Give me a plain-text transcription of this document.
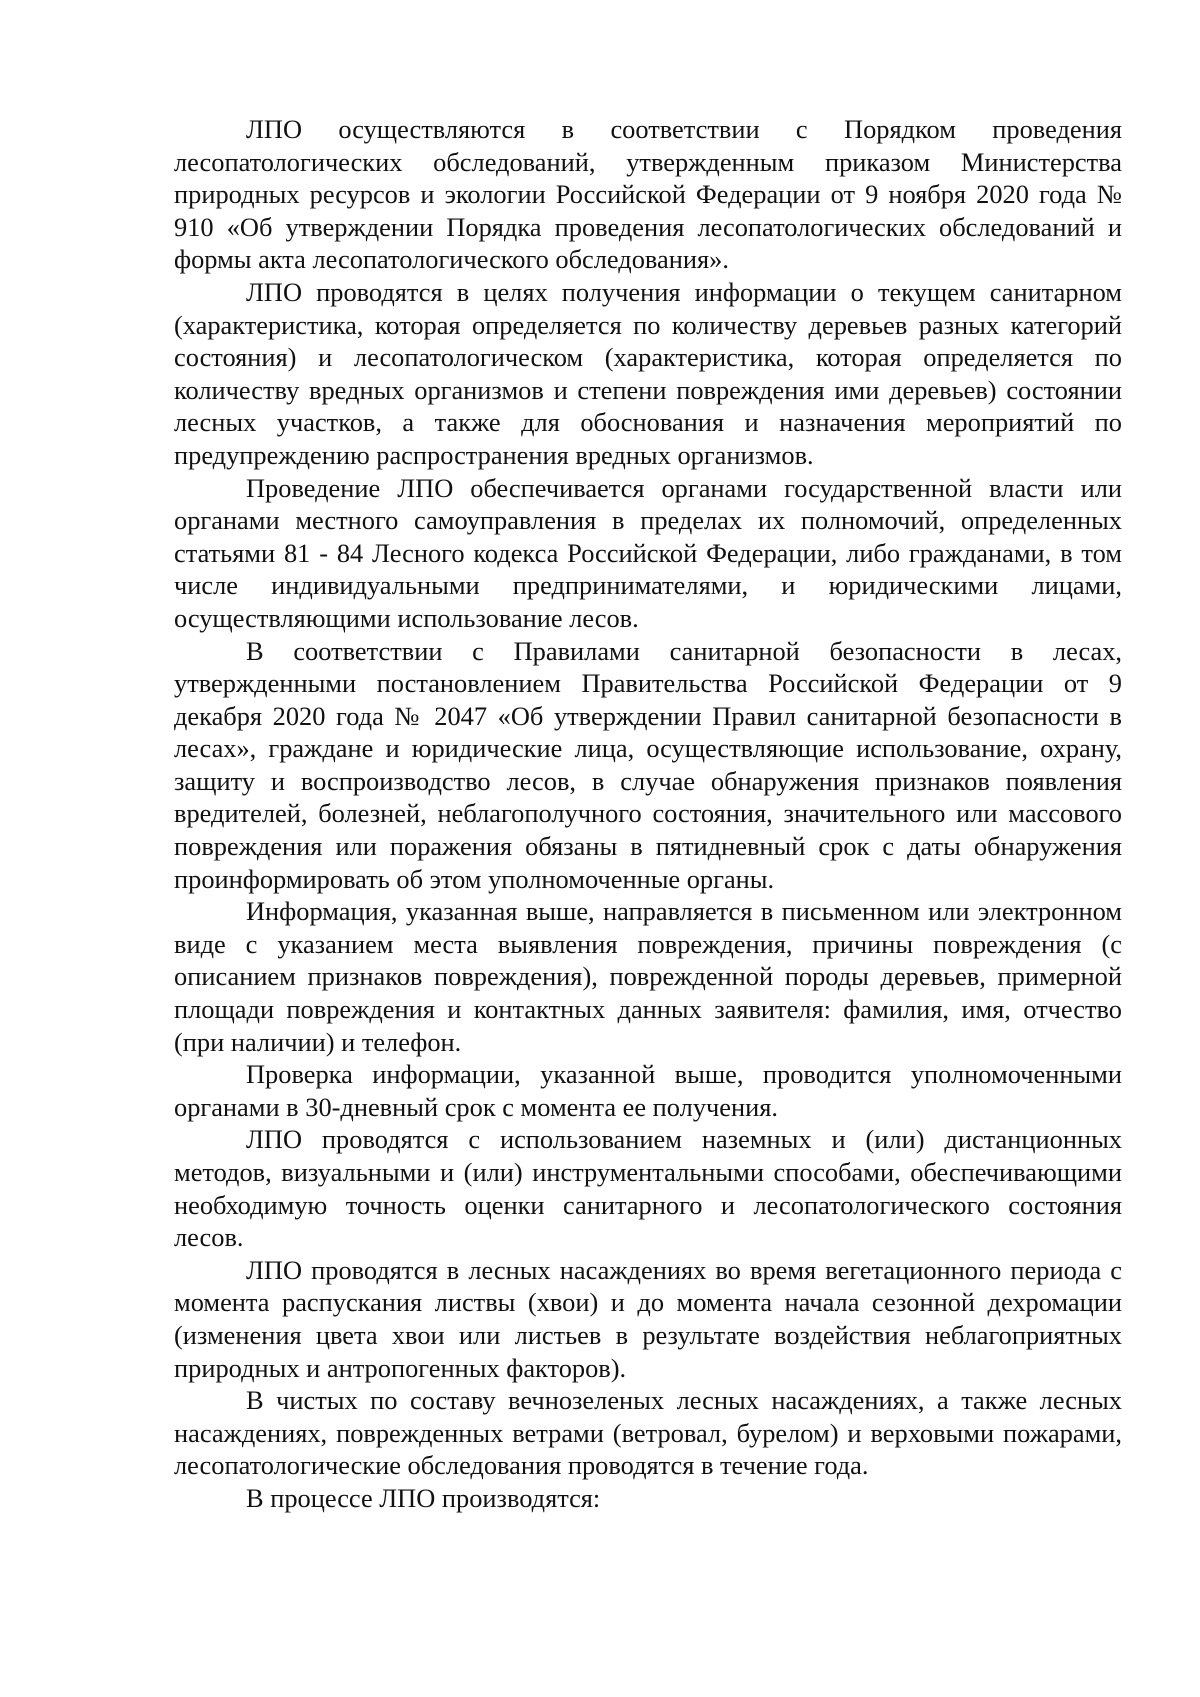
ЛПО осуществляются в соответствии с Порядком проведения лесопатологических обследований, утвержденным приказом Министерства природных ресурсов и экологии Российской Федерации от 9 ноября 2020 года № 910 «Об утверждении Порядка проведения лесопатологических обследований и формы акта лесопатологического обследования».

ЛПО проводятся в целях получения информации о текущем санитарном (характеристика, которая определяется по количеству деревьев разных категорий состояния) и лесопатологическом (характеристика, которая определяется по количеству вредных организмов и степени повреждения ими деревьев) состоянии лесных участков, а также для обоснования и назначения мероприятий по предупреждению распространения вредных организмов.

Проведение ЛПО обеспечивается органами государственной власти или органами местного самоуправления в пределах их полномочий, определенных статьями 81 - 84 Лесного кодекса Российской Федерации, либо гражданами, в том числе индивидуальными предпринимателями, и юридическими лицами, осуществляющими использование лесов.

В соответствии с Правилами санитарной безопасности в лесах, утвержденными постановлением Правительства Российской Федерации от 9 декабря 2020 года № 2047 «Об утверждении Правил санитарной безопасности в лесах», граждане и юридические лица, осуществляющие использование, охрану, защиту и воспроизводство лесов, в случае обнаружения признаков появления вредителей, болезней, неблагополучного состояния, значительного или массового повреждения или поражения обязаны в пятидневный срок с даты обнаружения проинформировать об этом уполномоченные органы.

Информация, указанная выше, направляется в письменном или электронном виде с указанием места выявления повреждения, причины повреждения (с описанием признаков повреждения), поврежденной породы деревьев, примерной площади повреждения и контактных данных заявителя: фамилия, имя, отчество (при наличии) и телефон.

Проверка информации, указанной выше, проводится уполномоченными органами в 30-дневный срок с момента ее получения.

ЛПО проводятся с использованием наземных и (или) дистанционных методов, визуальными и (или) инструментальными способами, обеспечивающими необходимую точность оценки санитарного и лесопатологического состояния лесов.

ЛПО проводятся в лесных насаждениях во время вегетационного периода с момента распускания листвы (хвои) и до момента начала сезонной дехромации (изменения цвета хвои или листьев в результате воздействия неблагоприятных природных и антропогенных факторов).

В чистых по составу вечнозеленых лесных насаждениях, а также лесных насаждениях, поврежденных ветрами (ветровал, бурелом) и верховыми пожарами, лесопатологические обследования проводятся в течение года.

В процессе ЛПО производятся:
